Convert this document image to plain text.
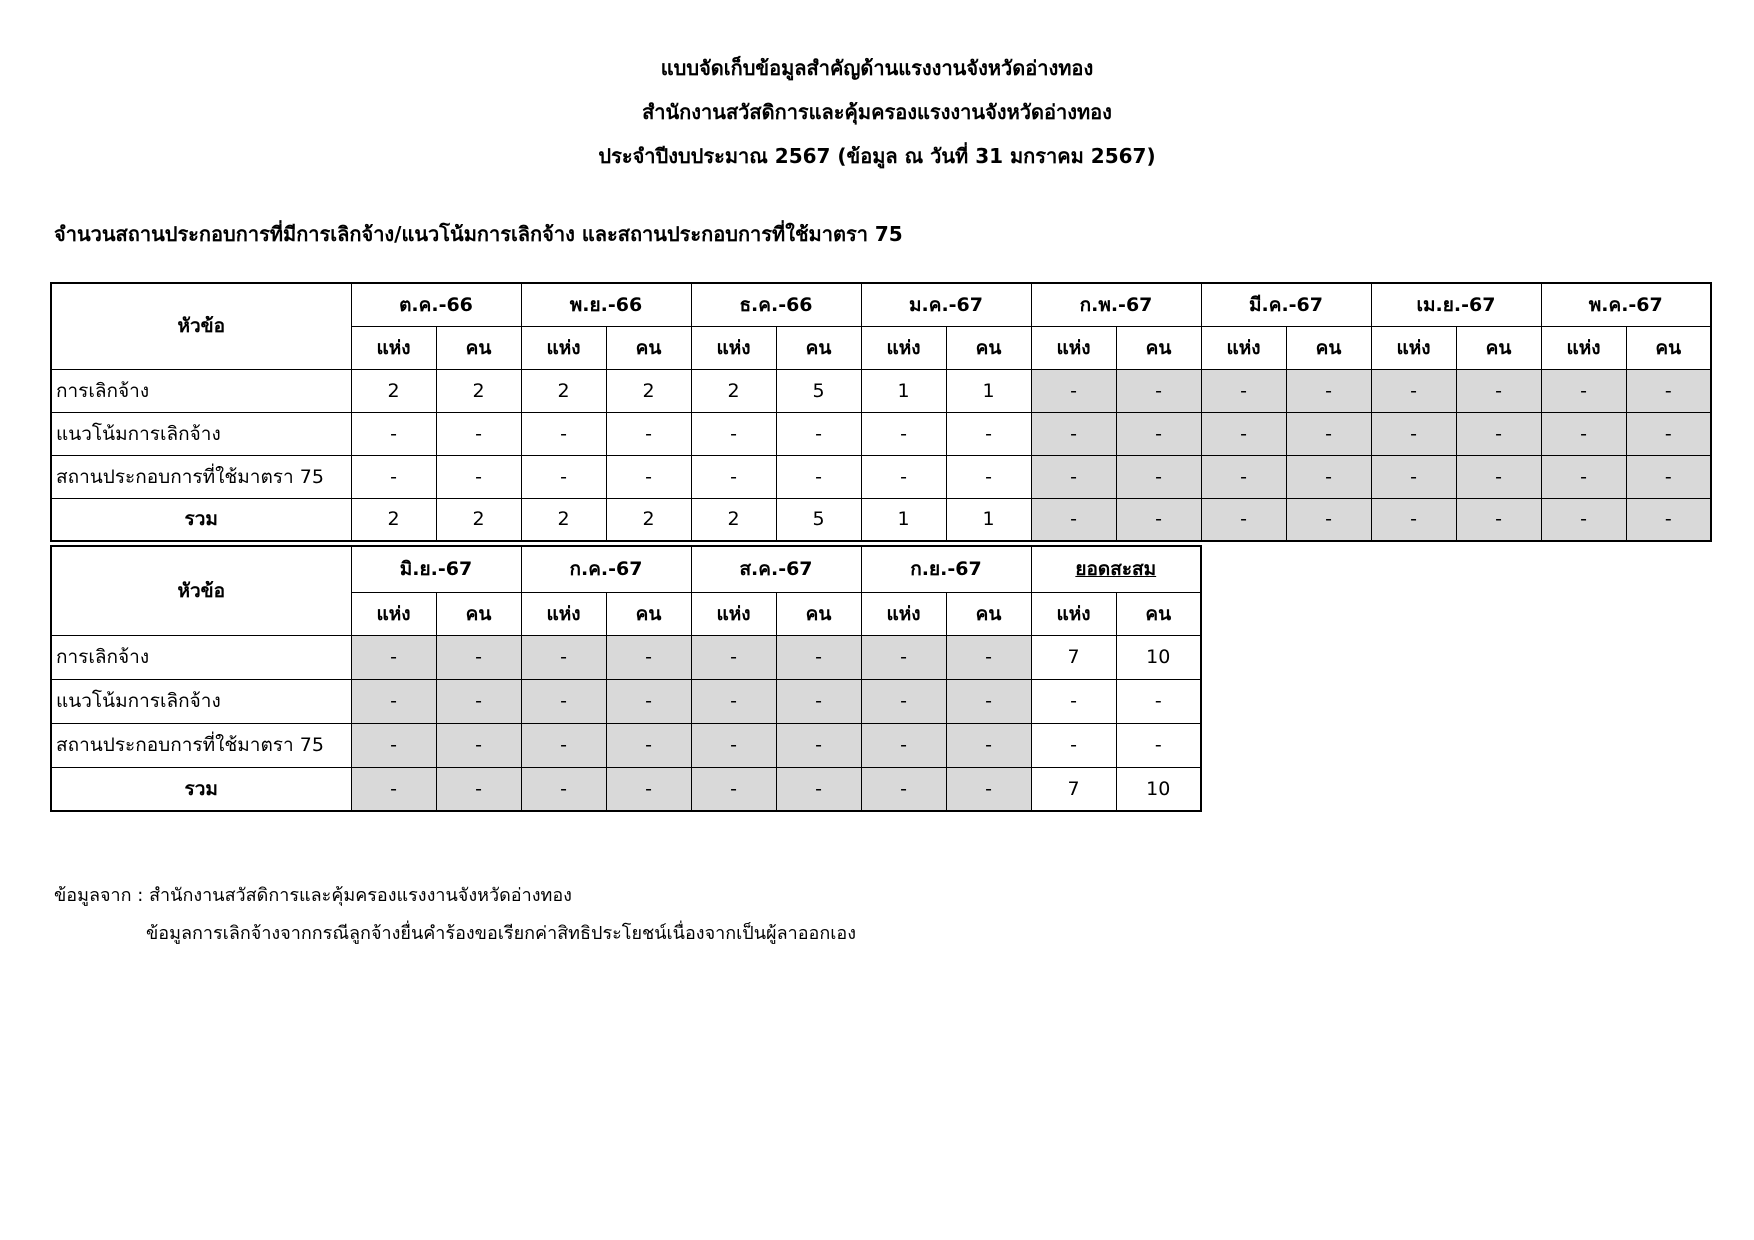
แบบจัดเก็บข้อมูลสำคัญด้านแรงงานจังหวัดอ่างทอง
สำนักงานสวัสดิการและคุ้มครองแรงงานจังหวัดอ่างทอง
ประจำปีงบประมาณ 2567 (ข้อมูล ณ วันที่ 31 มกราคม 2567)
จำนวนสถานประกอบการที่มีการเลิกจ้าง/แนวโน้มการเลิกจ้าง และสถานประกอบการที่ใช้มาตรา 75
หัวข้อ	ต.ค.-66		พ.ย.-66		ธ.ค.-66		ม.ค.-67		ก.พ.-67		มี.ค.-67		เม.ย.-67		พ.ค.-67	
	แห่ง	คน	แห่ง	คน	แห่ง	คน	แห่ง	คน	แห่ง	คน	แห่ง	คน	แห่ง	คน	แห่ง	คน
การเลิกจ้าง	2	2	2	2	2	5	1	1	-	-	-	-	-	-	-	-
แนวโน้มการเลิกจ้าง	-	-	-	-	-	-	-	-	-	-	-	-	-	-	-	-
สถานประกอบการที่ใช้มาตรา 75	-	-	-	-	-	-	-	-	-	-	-	-	-	-	-	-
รวม	2	2	2	2	2	5	1	1	-	-	-	-	-	-	-	-
หัวข้อ	มิ.ย.-67		ก.ค.-67		ส.ค.-67		ก.ย.-67		ยอดสะสม	
	แห่ง	คน	แห่ง	คน	แห่ง	คน	แห่ง	คน	แห่ง	คน
การเลิกจ้าง	-	-	-	-	-	-	-	-	7	10
แนวโน้มการเลิกจ้าง	-	-	-	-	-	-	-	-	-	-
สถานประกอบการที่ใช้มาตรา 75	-	-	-	-	-	-	-	-	-	-
รวม	-	-	-	-	-	-	-	-	7	10
ข้อมูลจาก : สำนักงานสวัสดิการและคุ้มครองแรงงานจังหวัดอ่างทอง
ข้อมูลการเลิกจ้างจากกรณีลูกจ้างยื่นคำร้องขอเรียกค่าสิทธิประโยชน์เนื่องจากเป็นผู้ลาออกเอง
